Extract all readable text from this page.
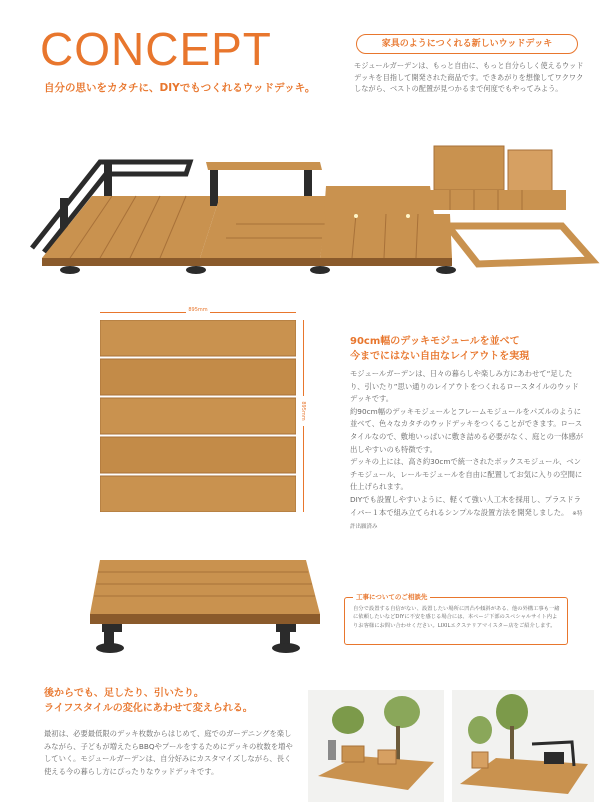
CONCEPT
自分の思いをカタチに、DIYでもつくれるウッドデッキ。
家具のようにつくれる新しいウッドデッキ
モジュールガーデンは、もっと自由に、もっと自分らしく使えるウッドデッキを目指して開発された商品です。できあがりを想像してワクワクしながら、ベストの配置が見つかるまで何度でもやってみよう。
895mm
895mm
90cm幅のデッキモジュールを並べて
今までにはない自由なレイアウトを実現
モジュールガーデンは、日々の暮らしや楽しみ方にあわせて“足したり、引いたり”思い通りのレイアウトをつくれるロースタイルのウッドデッキです。
約90cm幅のデッキモジュールとフレームモジュールをパズルのように並べて、色々なカタチのウッドデッキをつくることができます。ロースタイルなので、敷地いっぱいに敷き詰める必要がなく、庭との一体感が出しやすいのも特徴です。
デッキの上には、高さ約30cmで統一されたボックスモジュール、ベンチモジュール、レールモジュールを自由に配置してお気に入りの空間に仕上げられます。
DIYでも設置しやすいように、軽くて強い人工木を採用し、プラスドライバー１本で組み立てられるシンプルな設置方法を開発しました。 ※特許出願済み
工事についてのご相談先
自分で設置する自信がない、設置したい場所に凹凸や傾斜がある、他の外構工事も一緒に依頼したいなどDIYに不安を感じる場合には、本ページ下部のスペシャルサイト内よりお客様にお問い合わせください。LIXILエクステリアマイスター店をご紹介します。
後からでも、足したり、引いたり。
ライフスタイルの変化にあわせて変えられる。
最初は、必要最低限のデッキ枚数からはじめて、庭でのガーデニングを楽しみながら、子どもが増えたらBBQやプールをするためにデッキの枚数を増やしていく。モジュールガーデンは、自分好みにカスタマイズしながら、長く使える今の暮らし方にぴったりなウッドデッキです。
